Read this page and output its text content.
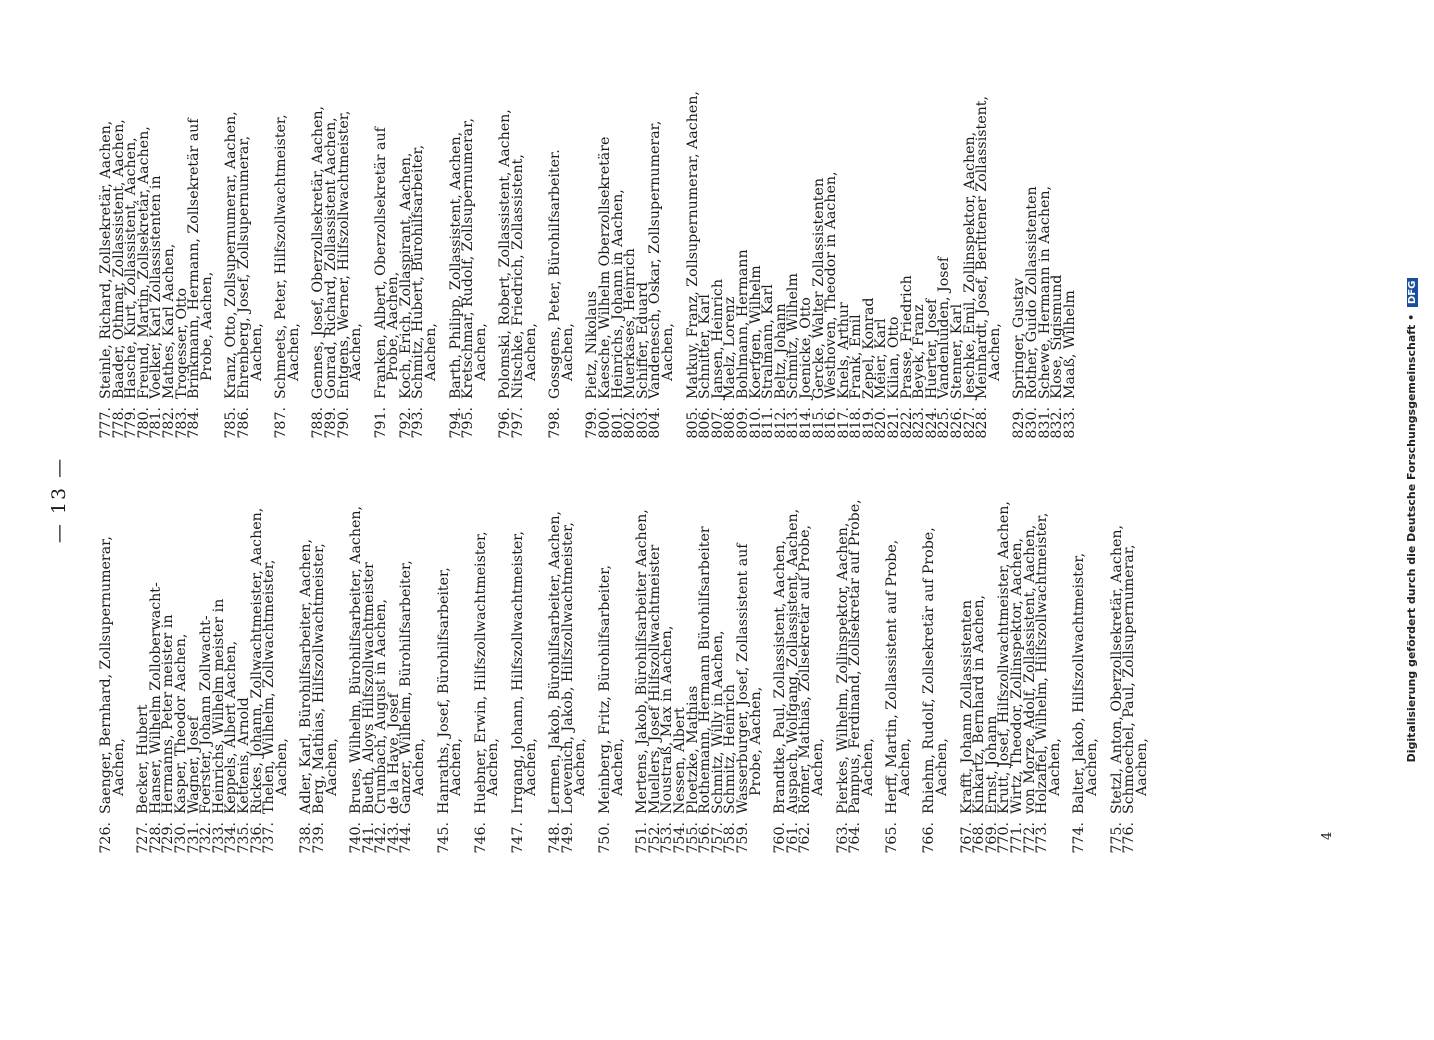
— 13 —
726.
Saenger, Bernhard, Zollsupernumerar,
Aachen,
727.
Becker, Hubert
728.
Hanser, Wilhelm Zolloberwacht-
729.
Hermanns, Peter meister in
730.
Kasper, Theodor Aachen,
731.
Wagner, Josef
732.
Foerster, Johann Zollwacht-
733.
Heinrichs, Wilhelm meister in
734.
Keppels, Albert Aachen,
735.
Kettenis, Arnold
736.
Rickes, Johann, Zollwachtmeister, Aachen,
737.
Thelen, Wilhelm, Zollwachtmeister,
Aachen,
738.
Adler, Karl, Bürohilfsarbeiter, Aachen,
739.
Berg, Mathias, Hilfszollwachtmeister,
Aachen,
740.
Brues, Wilhelm, Bürohilfsarbeiter, Aachen,
741.
Bueth, Aloys Hilfszollwachtmeister
742.
Crumbach, August in Aachen,
743.
de la Haye, Josef
744.
Ganzer, Wilhelm, Bürohilfsarbeiter,
Aachen,
745.
Hanraths, Josef, Bürohilfsarbeiter,
Aachen,
746.
Huebner, Erwin, Hilfszollwachtmeister,
Aachen,
747.
Irrgang, Johann, Hilfszollwachtmeister,
Aachen,
748.
Lermen, Jakob, Bürohilfsarbeiter, Aachen,
749.
Loevenich, Jakob, Hilfszollwachtmeister,
Aachen,
750.
Meinberg, Fritz, Bürohilfsarbeiter,
Aachen,
751.
Mertens, Jakob, Bürohilfsarbeiter Aachen,
752.
Muellers, Josef Hilfszollwachtmeister
753.
Noustraß, Max in Aachen,
754.
Nessen, Albert
755.
Ploetzke, Mathias
756.
Rothemann, Hermann Bürohilfsarbeiter
757.
Schmitz, Willy in Aachen,
758.
Schmitz, Heinrich
759.
Wasserburger, Josef, Zollassistent auf
Probe, Aachen,
760.
Brandtke, Paul, Zollassistent, Aachen,
761.
Auspach, Wolfgang, Zollassistent, Aachen,
762.
Römer, Mathias, Zollsekretär auf Probe,
Aachen,
763.
Pierkes, Wilhelm, Zollinspektor, Aachen,
764.
Pampus, Ferdinand, Zollsekretär auf Probe,
Aachen,
765.
Herff, Martin, Zollassistent auf Probe,
Aachen,
766.
Rhiehm, Rudolf, Zollsekretär auf Probe,
Aachen,
767.
Krafft, Johann Zollassistenten
768.
Kinkartz, Bernhard in Aachen,
769.
Ernst, Johann
770.
Krutt, Josef, Hilfszollwachtmeister, Aachen,
771.
Wirtz, Theodor, Zollinspektor, Aachen,
772.
von Morze, Adolf, Zollassistent, Aachen,
773.
Holzaffel, Wilhelm, Hilfszollwachtmeister,
Aachen,
774.
Balter, Jakob, Hilfszollwachtmeister,
Aachen,
775.
Stetzl, Anton, Oberzollsekretär, Aachen,
776.
Schmoechel, Paul, Zollsupernumerar,
Aachen,
777.
Steinle, Richard, Zollsekretär, Aachen,
778.
Baader, Othmar, Zollassistent, Aachen,
779.
Hasche, Kurt, Zollassistent, Aachen,
780.
Freund, Martin, Zollsekretär, Aachen,
781.
Voelker, Karl Zollassistenten in
782.
Mathes, Karl Aachen,
783.
Trogesser, Otto
784.
Brinkmann, Hermann, Zollsekretär auf
Probe, Aachen,
785.
Kranz, Otto, Zollsupernumerar, Aachen,
786.
Ehrenberg, Josef, Zollsupernumerar,
Aachen,
787.
Schmeets, Peter, Hilfszollwachtmeister,
Aachen,
788.
Gennes, Josef, Oberzollsekretär, Aachen,
789.
Gonrad, Richard, Zollassistent Aachen,
790.
Entgens, Werner, Hilfszollwachtmeister,
Aachen,
791.
Franken, Albert, Oberzollsekretär auf
Probe, Aachen,
792.
Koch, Erich, Zollaspirant, Aachen,
793.
Schmitz, Hubert, Bürohilfsarbeiter,
Aachen,
794.
Barth, Philipp, Zollassistent, Aachen,
795.
Kretschmar, Rudolf, Zollsupernumerar,
Aachen,
796.
Polomski, Robert, Zollassistent, Aachen,
797.
Nitschke, Friedrich, Zollassistent,
Aachen,
798.
Gossgens, Peter, Bürohilfsarbeiter.
Aachen,
799.
Pietz, Nikolaus
800.
Kaesche, Wilhelm Oberzollsekretäre
801.
Heinrichs, Johann in Aachen,
802.
Muerkases, Heinrich
803.
Schiffer, Eduard
804.
Vandenesch, Oskar, Zollsupernumerar,
Aachen,
805.
Matkuy, Franz, Zollsupernumerar, Aachen,
806.
Schnitter, Karl
807.
Jansen, Heinrich
808.
Maelz, Lorenz
809.
Bohlmann, Hermann
810.
Koerfgen, Wilhelm
811.
Stralmann, Karl
812.
Beltz, Johann
813.
Schmitz, Wilhelm
814.
Joenicke, Otto
815.
Gercke, Walter Zollassistenten
816.
Westhoven, Theodor in Aachen,
817.
Knels, Arthur
818.
Frank, Emil
819.
Zepel, Konrad
820.
Meier, Karl
821.
Kilian, Otto
822.
Prasse, Friedrich
823.
Beyek, Franz
824.
Huerter, Josef
825.
Vandenluiden, Josef
826.
Stenner, Karl
827.
Jeschke, Emil, Zollinspektor, Aachen,
828.
Meinhardt, Josef, Berittener Zollassistent,
Aachen,
829.
Springer, Gustav
830.
Rother, Guido Zollassistenten
831.
Schewe, Hermann in Aachen,
832.
Klose, Sigismund
833.
Maaß, Wilhelm
4
Digitalisierung gefördert durch die Deutsche Forschungsgemeinschaft • DFG
